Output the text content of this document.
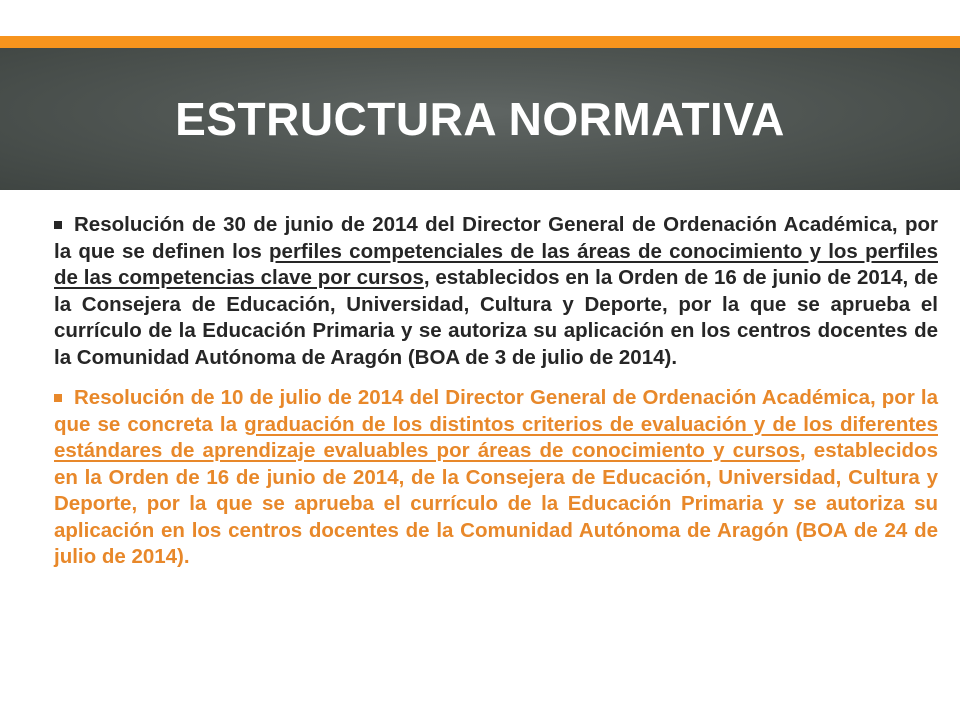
ESTRUCTURA NORMATIVA

Resolución de 30 de junio de 2014 del Director General de Ordenación Académica, por la que se definen los perfiles competenciales de las áreas de conocimiento y los perfiles de las competencias clave por cursos, establecidos en la Orden de 16 de junio de 2014, de la Consejera de Educación, Universidad, Cultura y Deporte, por la que se aprueba el currículo de la Educación Primaria y se autoriza su aplicación en los centros docentes de la Comunidad Autónoma de Aragón (BOA de 3 de julio de 2014).

Resolución de 10 de julio de 2014 del Director General de Ordenación Académica, por la que se concreta la graduación de los distintos criterios de evaluación y de los diferentes estándares de aprendizaje evaluables por áreas de conocimiento y cursos, establecidos en la Orden de 16 de junio de 2014, de la Consejera de Educación, Universidad, Cultura y Deporte, por la que se aprueba el currículo de la Educación Primaria y se autoriza su aplicación en los centros docentes de la Comunidad Autónoma de Aragón (BOA de 24 de julio de 2014).
